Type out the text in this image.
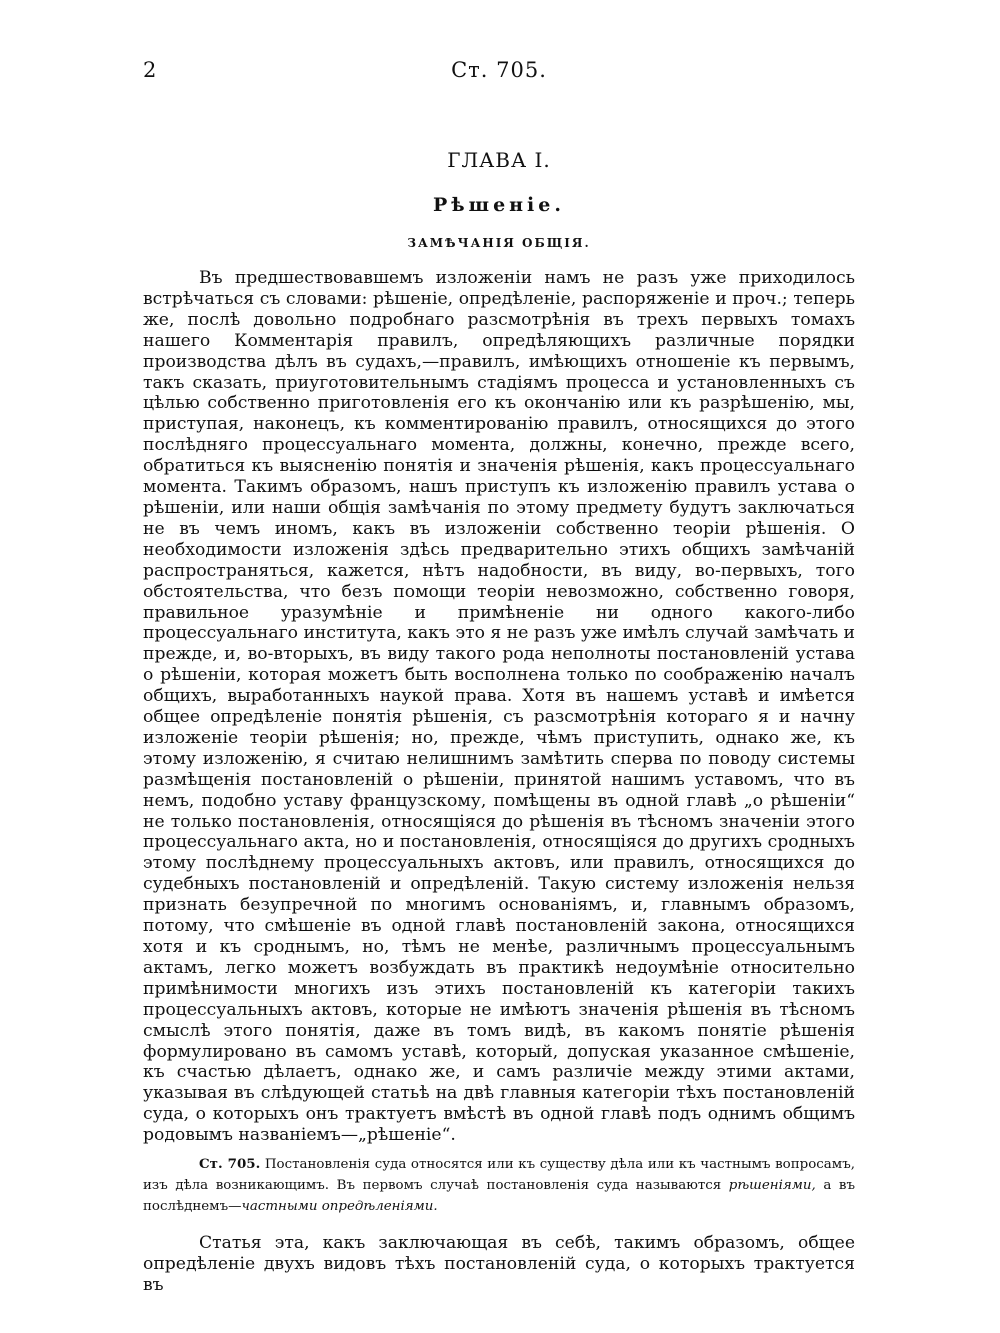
2	Ст. 705.
ГЛАВА I.
Рѣшеніе.
ЗАМѢЧАНІЯ ОБЩІЯ.

Въ предшествовавшемъ изложеніи намъ не разъ уже приходилось встрѣчаться съ словами: рѣшеніе, опредѣленіе, распоряженіе и проч.; теперь же, послѣ довольно подробнаго разсмотрѣнія въ трехъ первыхъ томахъ нашего Комментарія правилъ, опредѣляющихъ различные порядки производства дѣлъ въ судахъ,—правилъ, имѣющихъ отношеніе къ первымъ, такъ сказать, приуготовительнымъ стадіямъ процесса и установленныхъ съ цѣлью собственно приготовленія его къ окончанію или къ разрѣшенію, мы, приступая, наконецъ, къ комментированію правилъ, относящихся до этого послѣдняго процессуальнаго момента, должны, конечно, прежде всего, обратиться къ выясненію понятія и значенія рѣшенія, какъ процессуальнаго момента. Такимъ образомъ, нашъ приступъ къ изложенію правилъ устава о рѣшеніи, или наши общія замѣчанія по этому предмету будутъ заключаться не въ чемъ иномъ, какъ въ изложеніи собственно теоріи рѣшенія. О необходимости изложенія здѣсь предварительно этихъ общихъ замѣчаній распространяться, кажется, нѣтъ надобности, въ виду, во-первыхъ, того обстоятельства, что безъ помощи теоріи невозможно, собственно говоря, правильное уразумѣніе и примѣненіе ни одного какого-либо процессуальнаго института, какъ это я не разъ уже имѣлъ случай замѣчать и прежде, и, во-вторыхъ, въ виду такого рода неполноты постановленій устава о рѣшеніи, которая можетъ быть восполнена только по соображенію началъ общихъ, выработанныхъ наукой права. Хотя въ нашемъ уставѣ и имѣется общее опредѣленіе понятія рѣшенія, съ разсмотрѣнія котораго я и начну изложеніе теоріи рѣшенія; но, прежде, чѣмъ приступить, однако же, къ этому изложенію, я считаю нелишнимъ замѣтить сперва по поводу системы размѣщенія постановленій о рѣшеніи, принятой нашимъ уставомъ, что въ немъ, подобно уставу французскому, помѣщены въ одной главѣ „о рѣшеніи“ не только постановленія, относящіяся до рѣшенія въ тѣсномъ значеніи этого процессуальнаго акта, но и постановленія, относящіяся до другихъ сродныхъ этому послѣднему процессуальныхъ актовъ, или правилъ, относящихся до судебныхъ постановленій и опредѣленій. Такую систему изложенія нельзя признать безупречной по многимъ основаніямъ, и, главнымъ образомъ, потому, что смѣшеніе въ одной главѣ постановленій закона, относящихся хотя и къ сроднымъ, но, тѣмъ не менѣе, различнымъ процессуальнымъ актамъ, легко можетъ возбуждать въ практикѣ недоумѣніе относительно примѣнимости многихъ изъ этихъ постановленій къ категоріи такихъ процессуальныхъ актовъ, которые не имѣютъ значенія рѣшенія въ тѣсномъ смыслѣ этого понятія, даже въ томъ видѣ, въ какомъ понятіе рѣшенія формулировано въ самомъ уставѣ, который, допуская указанное смѣшеніе, къ счастью дѣлаетъ, однако же, и самъ различіе между этими актами, указывая въ слѣдующей статьѣ на двѣ главныя категоріи тѣхъ постановленій суда, о которыхъ онъ трактуетъ вмѣстѣ въ одной главѣ подъ однимъ общимъ родовымъ названіемъ—„рѣшеніе“.

Ст. 705. Постановленія суда относятся или къ существу дѣла или къ частнымъ вопросамъ, изъ дѣла возникающимъ. Въ первомъ случаѣ постановленія суда называются рѣшеніями, а въ послѣднемъ—частными опредѣленіями.

Статья эта, какъ заключающая въ себѣ, такимъ образомъ, общее опредѣленіе двухъ видовъ тѣхъ постановленій суда, о которыхъ трактуется въ
